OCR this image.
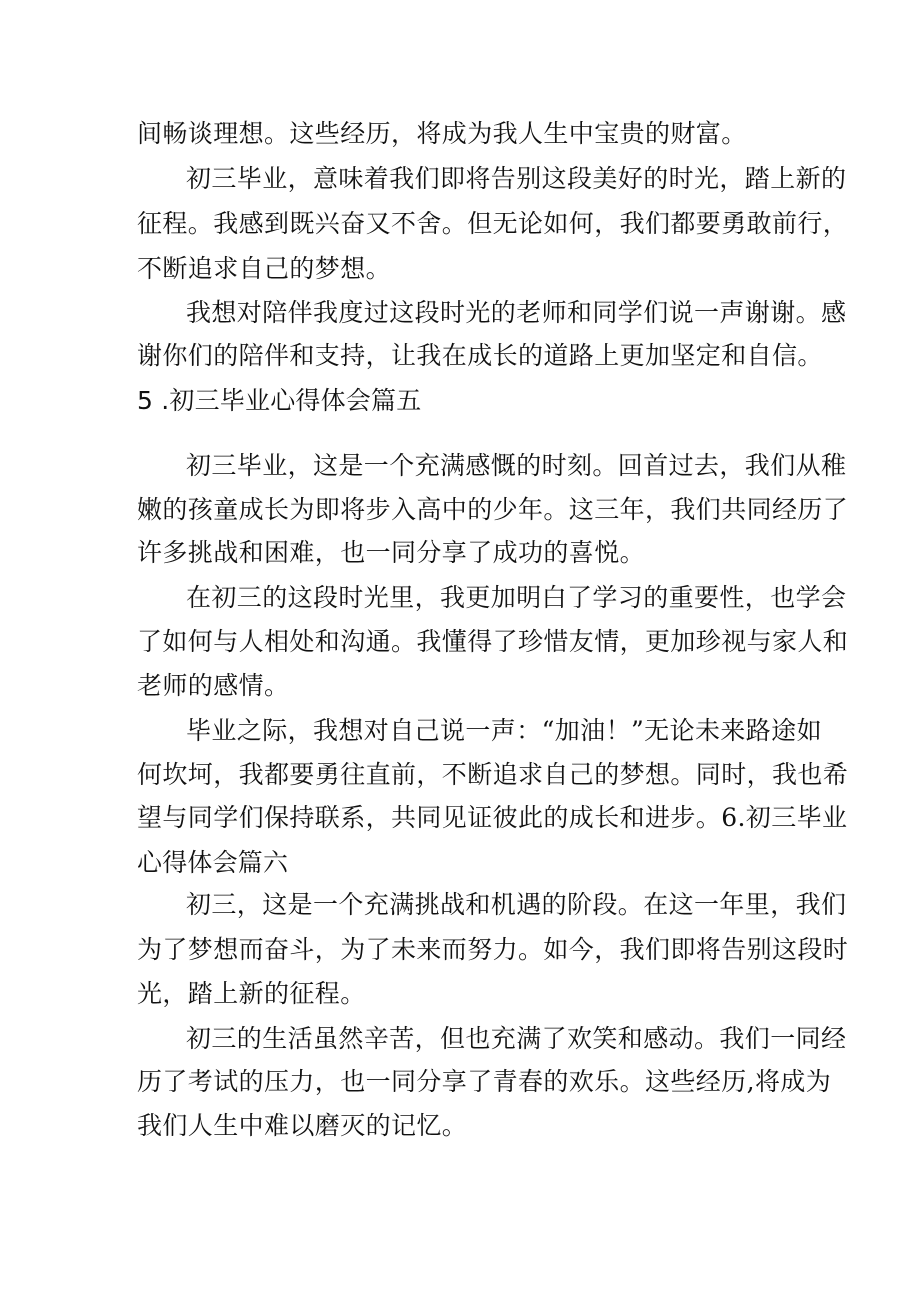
间畅谈理想。这些经历，将成为我人生中宝贵的财富。
初三毕业，意味着我们即将告别这段美好的时光，踏上新的
征程。我感到既兴奋又不舍。但无论如何，我们都要勇敢前行，
不断追求自己的梦想。
我想对陪伴我度过这段时光的老师和同学们说一声谢谢。感
谢你们的陪伴和支持，让我在成长的道路上更加坚定和自信。
5 .初三毕业心得体会篇五
初三毕业，这是一个充满感慨的时刻。回首过去，我们从稚
嫩的孩童成长为即将步入高中的少年。这三年，我们共同经历了
许多挑战和困难，也一同分享了成功的喜悦。
在初三的这段时光里，我更加明白了学习的重要性，也学会
了如何与人相处和沟通。我懂得了珍惜友情，更加珍视与家人和
老师的感情。
毕业之际，我想对自己说一声：“加油！”无论未来路途如
何坎坷，我都要勇往直前，不断追求自己的梦想。同时，我也希
望与同学们保持联系，共同见证彼此的成长和进步。6.初三毕业
心得体会篇六
初三，这是一个充满挑战和机遇的阶段。在这一年里，我们
为了梦想而奋斗，为了未来而努力。如今，我们即将告别这段时
光，踏上新的征程。
初三的生活虽然辛苦，但也充满了欢笑和感动。我们一同经
历了考试的压力，也一同分享了青春的欢乐。这些经历,将成为
我们人生中难以磨灭的记忆。
